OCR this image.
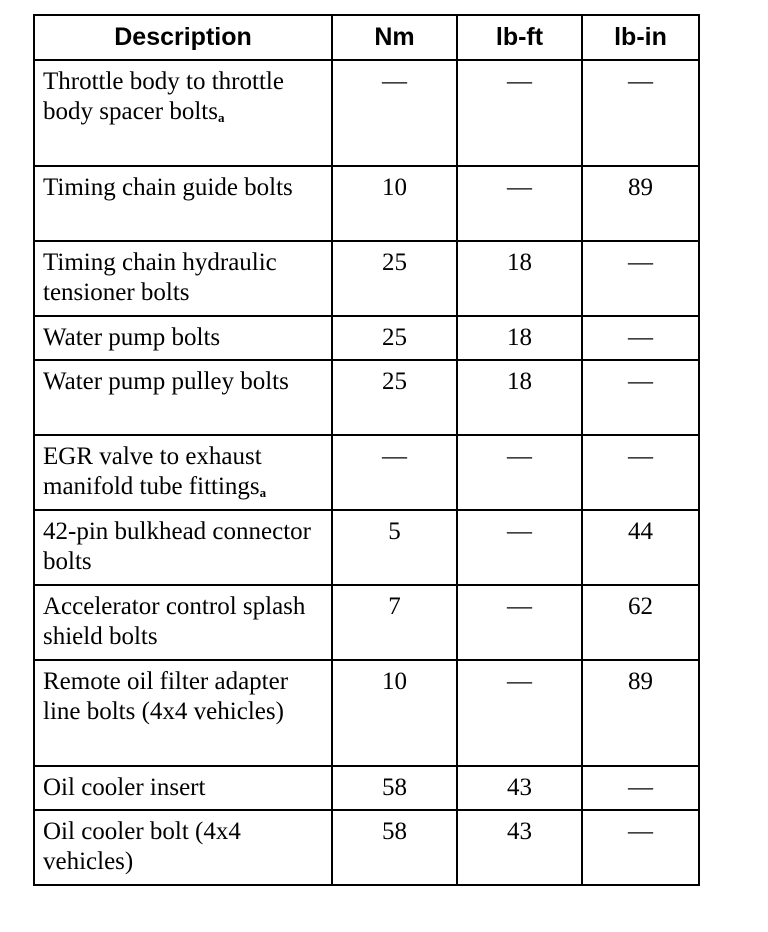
Description	Nm	lb-ft	lb-in
Throttle body to throttle body spacer bolts$_a$	—	—	—
Timing chain guide bolts	10	—	89
Timing chain hydraulic tensioner bolts	25	18	—
Water pump bolts	25	18	—
Water pump pulley bolts	25	18	—
EGR valve to exhaust manifold tube fittings$_a$	—	—	—
42-pin bulkhead connector bolts	5	—	44
Accelerator control splash shield bolts	7	—	62
Remote oil filter adapter line bolts (4x4 vehicles)	10	—	89
Oil cooler insert	58	43	—
Oil cooler bolt (4x4 vehicles)	58	43	—
